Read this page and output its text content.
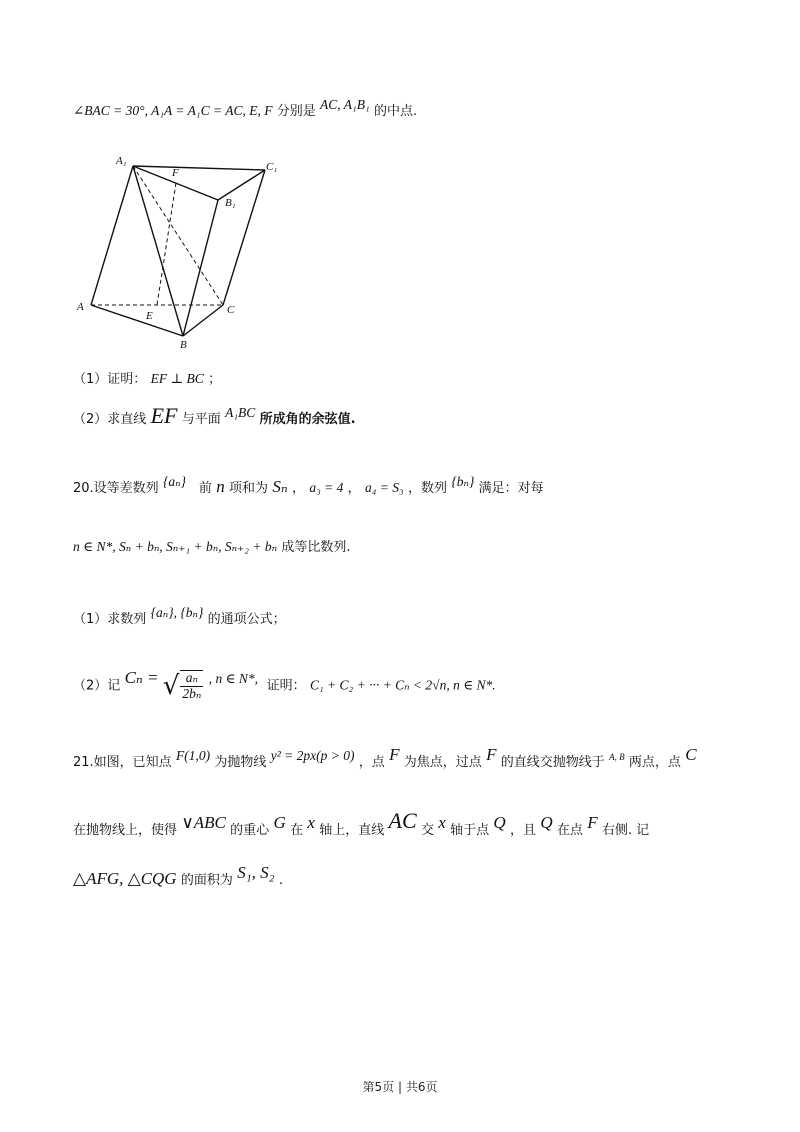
∠BAC = 30°, A₁A = A₁C = AC, E, F 分别是 AC, A₁B₁ 的中点.
A₁
F	C₁
B₁
A
E	C
B
（1）证明： EF ⊥ BC ；
（2）求直线 EF 与平面 A₁BC 所成角的余弦值.
20.设等差数列 {aₙ} 前 n 项和为 Sₙ ， a₃ = 4 ， a₄ = S₃ ，数列 {bₙ} 满足：对每
n ∈ N*, Sₙ + bₙ, Sₙ₊₁ + bₙ, Sₙ₊₂ + bₙ 成等比数列.
（1）求数列 {aₙ}, {bₙ} 的通项公式；
（2）记 Cₙ = √ $\frac{\text{aₙ}}{\text{2bₙ}}$ , n ∈ N*, 证明： C₁ + C₂ + ··· + Cₙ < 2√n, n ∈ N*.
21.如图，已知点 F(1,0) 为抛物线 y² = 2px(p > 0) ，点 F 为焦点，过点 F 的直线交抛物线于 $^{A, B}$ 两点，点 C
在抛物线上，使得 ∨ABC 的重心 G 在 x 轴上，直线 AC 交 x 轴于点 Q ，且 Q 在点 F 右侧. 记
△AFG, △CQG 的面积为 S₁, S₂ .
第5页 | 共6页
